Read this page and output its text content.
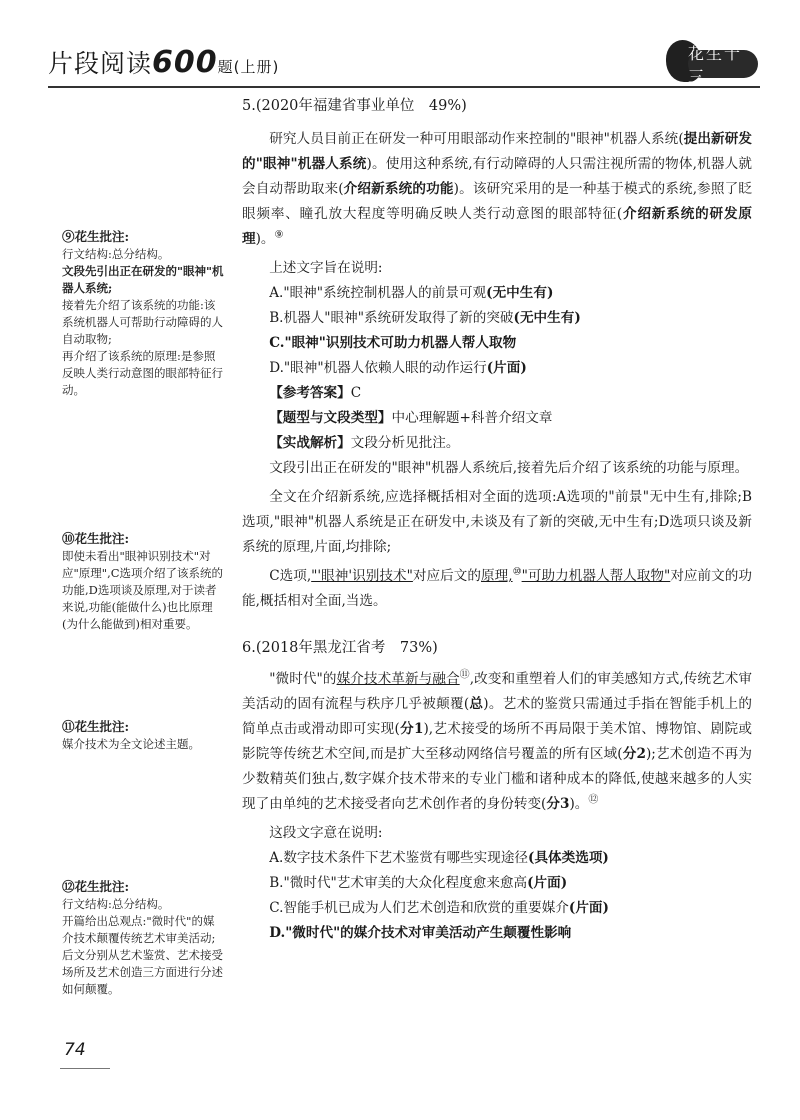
片段阅读600题(上册)
花生十三
⑨花生批注:

行文结构:总分结构。

文段先引出正在研发的"眼神"机器人系统;

接着先介绍了该系统的功能:该系统机器人可帮助行动障碍的人自动取物;

再介绍了该系统的原理:是参照反映人类行动意图的眼部特征行动。

⑩花生批注:

即使未看出"眼神识别技术"对应"原理",C选项介绍了该系统的功能,D选项谈及原理,对于读者来说,功能(能做什么)也比原理(为什么能做到)相对重要。

⑪花生批注:

媒介技术为全文论述主题。

⑫花生批注:

行文结构:总分结构。

开篇给出总观点:"微时代"的媒介技术颠覆传统艺术审美活动;

后文分别从艺术鉴赏、艺术接受场所及艺术创造三方面进行分述如何颠覆。

5.(2020年福建省事业单位　49%)

研究人员目前正在研发一种可用眼部动作来控制的"眼神"机器人系统(提出新研发的"眼神"机器人系统)。使用这种系统,有行动障碍的人只需注视所需的物体,机器人就会自动帮助取来(介绍新系统的功能)。该研究采用的是一种基于模式的系统,参照了眨眼频率、瞳孔放大程度等明确反映人类行动意图的眼部特征(介绍新系统的研发原理)。⑨

上述文字旨在说明:

A."眼神"系统控制机器人的前景可观(无中生有)

B.机器人"眼神"系统研发取得了新的突破(无中生有)

C."眼神"识别技术可助力机器人帮人取物

D."眼神"机器人依赖人眼的动作运行(片面)

【参考答案】C

【题型与文段类型】中心理解题+科普介绍文章

【实战解析】文段分析见批注。

文段引出正在研发的"眼神"机器人系统后,接着先后介绍了该系统的功能与原理。

全文在介绍新系统,应选择概括相对全面的选项:A选项的"前景"无中生有,排除;B选项,"眼神"机器人系统是正在研发中,未谈及有了新的突破,无中生有;D选项只谈及新系统的原理,片面,均排除;

C选项,"'眼神'识别技术"对应后文的原理,⑩"可助力机器人帮人取物"对应前文的功能,概括相对全面,当选。

6.(2018年黑龙江省考　73%)

"微时代"的媒介技术革新与融合⑪,改变和重塑着人们的审美感知方式,传统艺术审美活动的固有流程与秩序几乎被颠覆(总)。艺术的鉴赏只需通过手指在智能手机上的简单点击或滑动即可实现(分1),艺术接受的场所不再局限于美术馆、博物馆、剧院或影院等传统艺术空间,而是扩大至移动网络信号覆盖的所有区域(分2);艺术创造不再为少数精英们独占,数字媒介技术带来的专业门槛和诸种成本的降低,使越来越多的人实现了由单纯的艺术接受者向艺术创作者的身份转变(分3)。⑫

这段文字意在说明:

A.数字技术条件下艺术鉴赏有哪些实现途径(具体类选项)

B."微时代"艺术审美的大众化程度愈来愈高(片面)

C.智能手机已成为人们艺术创造和欣赏的重要媒介(片面)

D."微时代"的媒介技术对审美活动产生颠覆性影响

74
